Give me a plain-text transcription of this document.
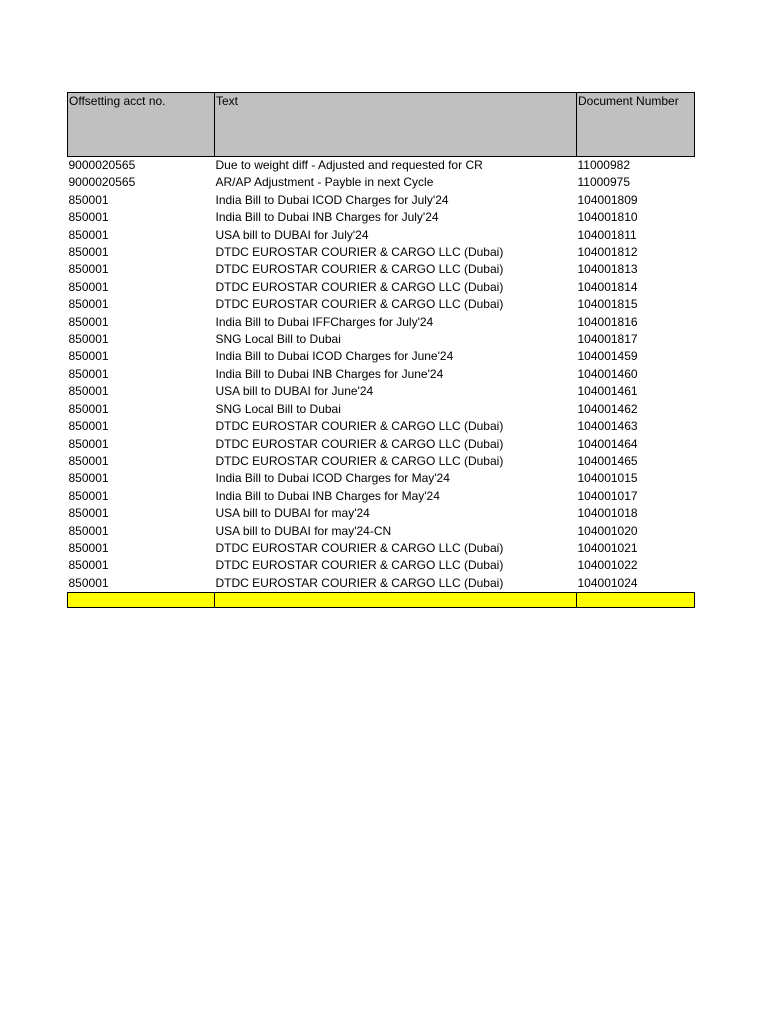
Offsetting acct no.	Text	Document Number
9000020565	Due to weight diff - Adjusted and requested for CR	11000982
9000020565	AR/AP Adjustment - Payble in next Cycle	11000975
850001	India Bill to Dubai ICOD Charges for July'24	104001809
850001	India Bill to Dubai INB Charges for July'24	104001810
850001	USA bill to DUBAI for July'24	104001811
850001	DTDC EUROSTAR COURIER & CARGO LLC (Dubai)	104001812
850001	DTDC EUROSTAR COURIER & CARGO LLC (Dubai)	104001813
850001	DTDC EUROSTAR COURIER & CARGO LLC (Dubai)	104001814
850001	DTDC EUROSTAR COURIER & CARGO LLC (Dubai)	104001815
850001	India Bill to Dubai IFFCharges for July'24	104001816
850001	SNG Local Bill to Dubai	104001817
850001	India Bill to Dubai ICOD Charges for June'24	104001459
850001	India Bill to Dubai INB Charges for June'24	104001460
850001	USA bill to DUBAI for June'24	104001461
850001	SNG Local Bill to Dubai	104001462
850001	DTDC EUROSTAR COURIER & CARGO LLC (Dubai)	104001463
850001	DTDC EUROSTAR COURIER & CARGO LLC (Dubai)	104001464
850001	DTDC EUROSTAR COURIER & CARGO LLC (Dubai)	104001465
850001	India Bill to Dubai ICOD Charges for May'24	104001015
850001	India Bill to Dubai INB Charges for May'24	104001017
850001	USA bill to DUBAI for may'24	104001018
850001	USA bill to DUBAI for may'24-CN	104001020
850001	DTDC EUROSTAR COURIER & CARGO LLC (Dubai)	104001021
850001	DTDC EUROSTAR COURIER & CARGO LLC (Dubai)	104001022
850001	DTDC EUROSTAR COURIER & CARGO LLC (Dubai)	104001024
